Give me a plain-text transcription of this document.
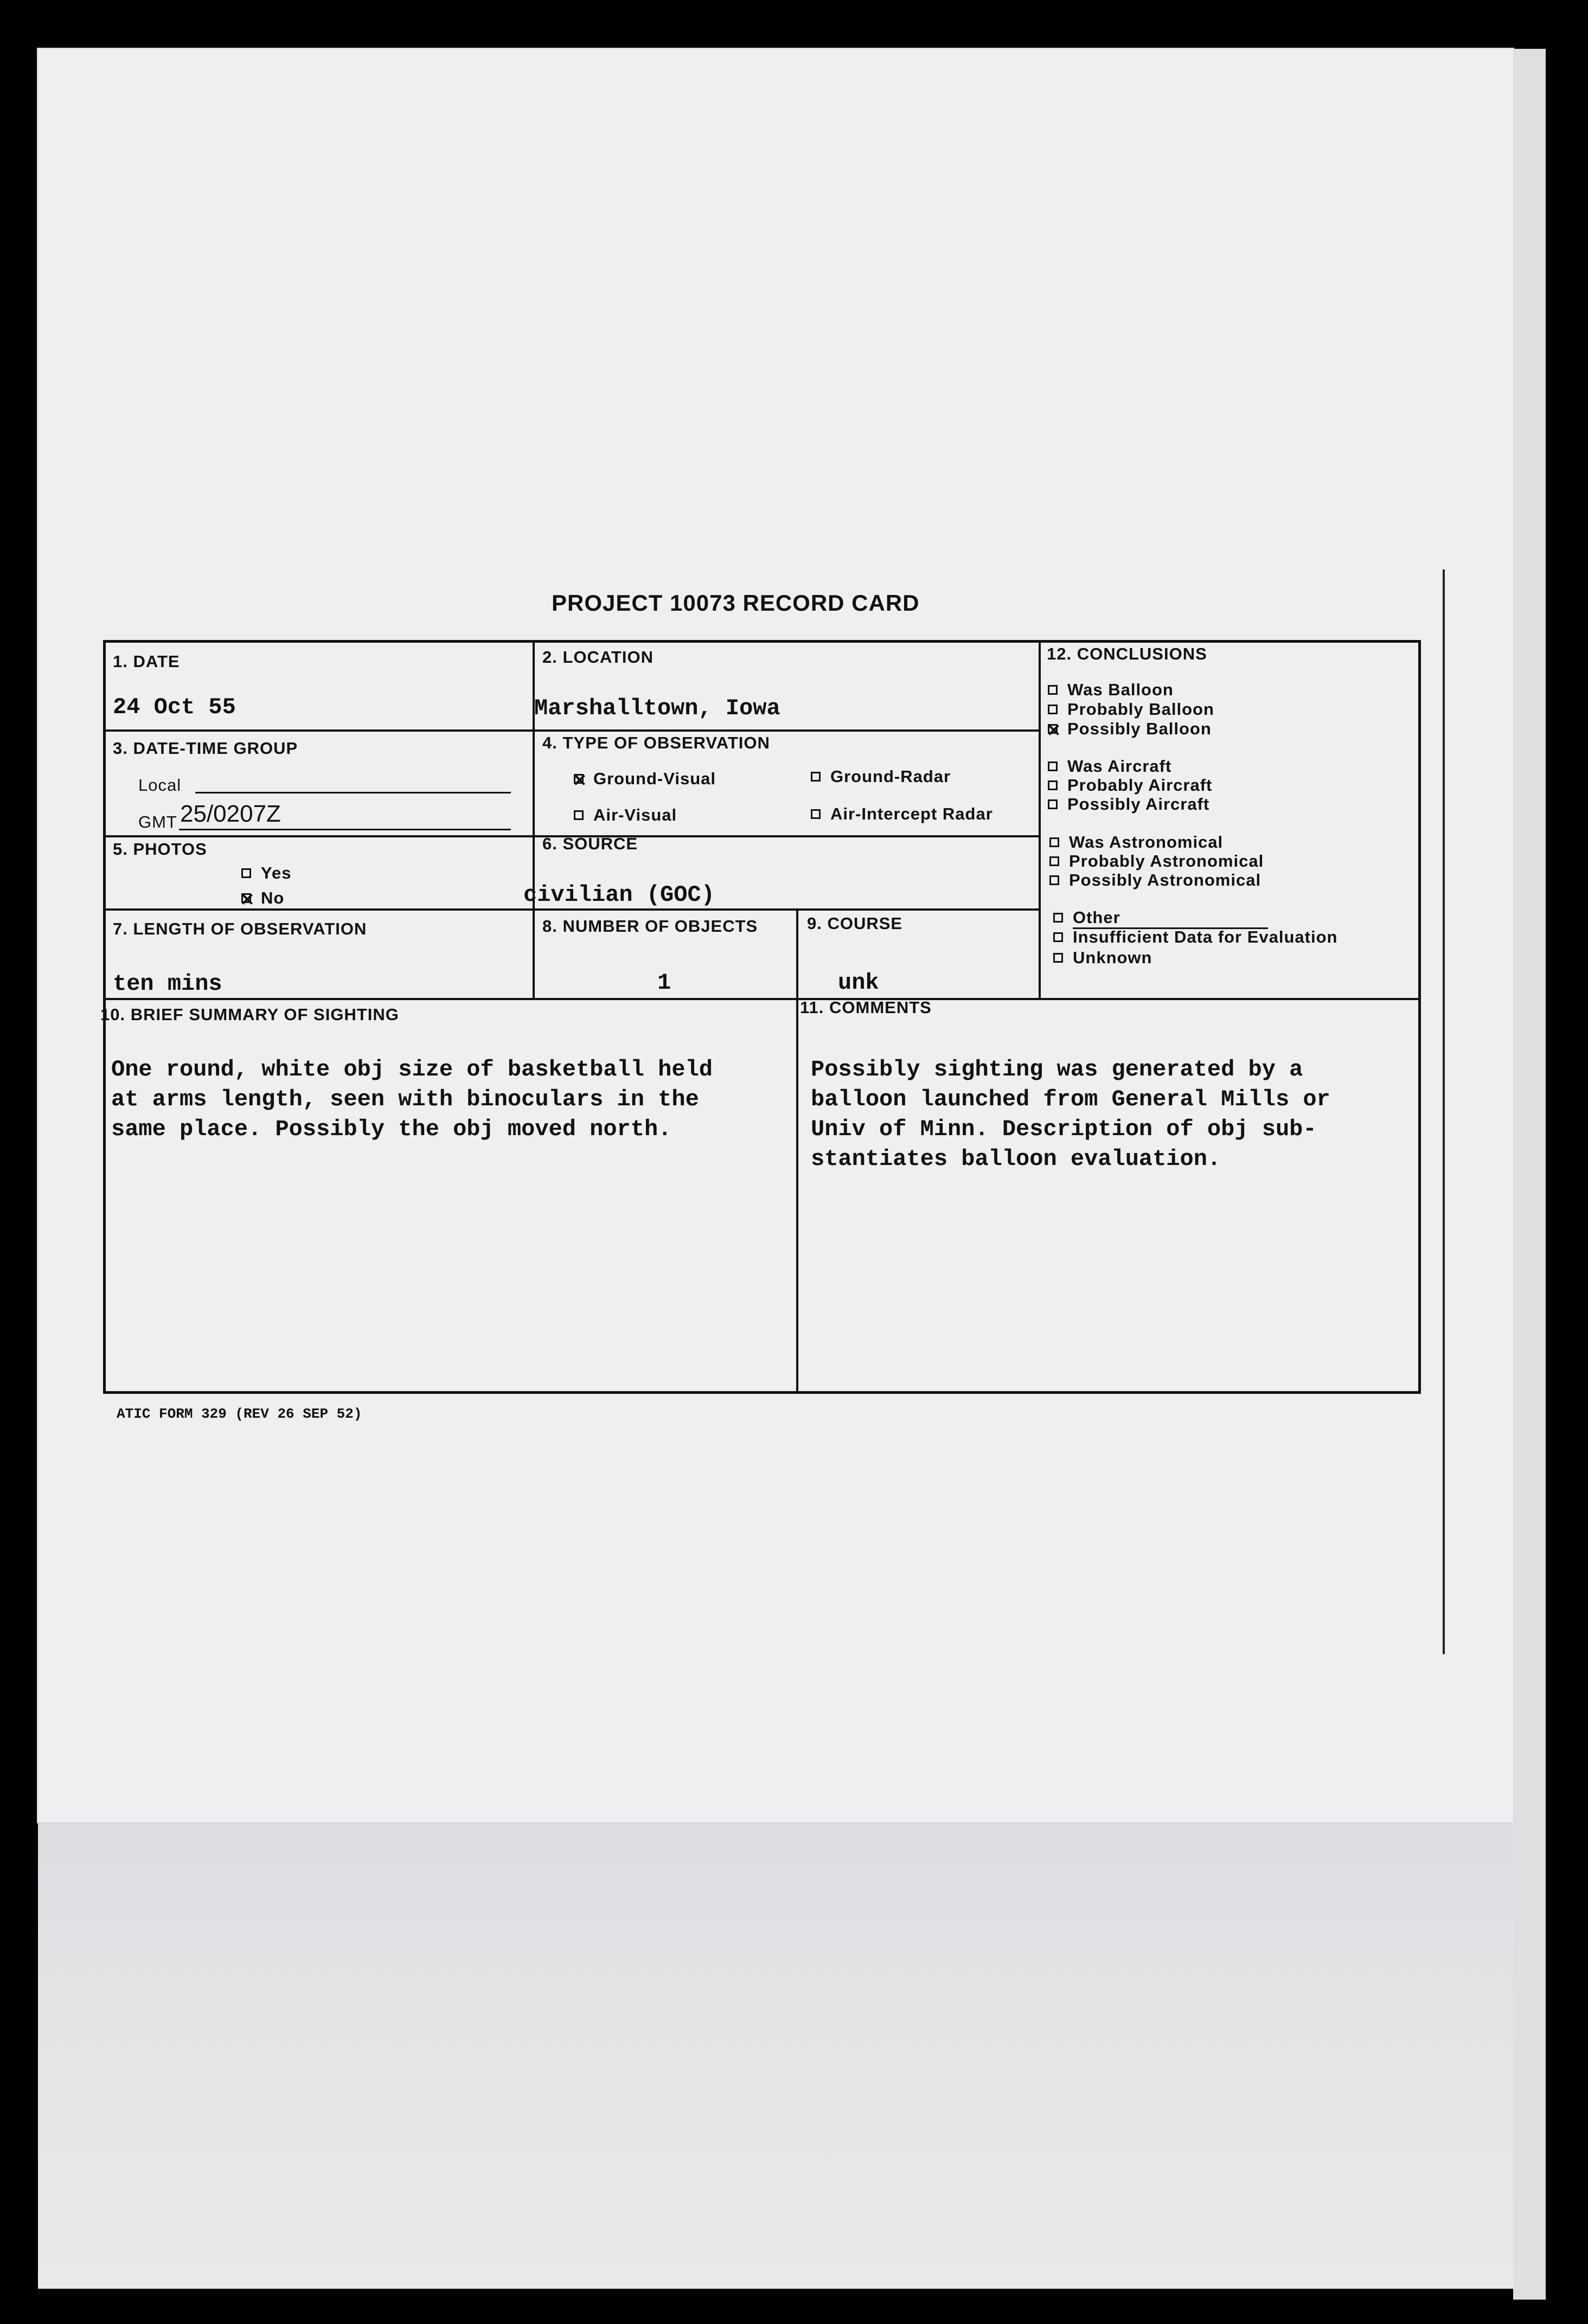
PROJECT 10073 RECORD CARD
1. DATE
24 Oct 55
2. LOCATION
Marshalltown, Iowa
3. DATE-TIME GROUP
Local
GMT 25/0207Z
4. TYPE OF OBSERVATION
Ground-Visual	Ground-Radar
Air-Visual	Air-Intercept Radar
5. PHOTOS
Yes
No
6. SOURCE
civilian (GOC)
7. LENGTH OF OBSERVATION
ten mins
8. NUMBER OF OBJECTS
1
9. COURSE
unk
10. BRIEF SUMMARY OF SIGHTING
One round, white obj size of basketball held
at arms length, seen with binoculars in the
same place. Possibly the obj moved north.
11. COMMENTS
Possibly sighting was generated by a
balloon launched from General Mills or
Univ of Minn. Description of obj sub-
stantiates balloon evaluation.
12. CONCLUSIONS
Was Balloon
Probably Balloon
Possibly Balloon
Was Aircraft
Probably Aircraft
Possibly Aircraft
Was Astronomical
Probably Astronomical
Possibly Astronomical
Other
Insufficient Data for Evaluation
Unknown
ATIC FORM 329 (REV 26 SEP 52)
